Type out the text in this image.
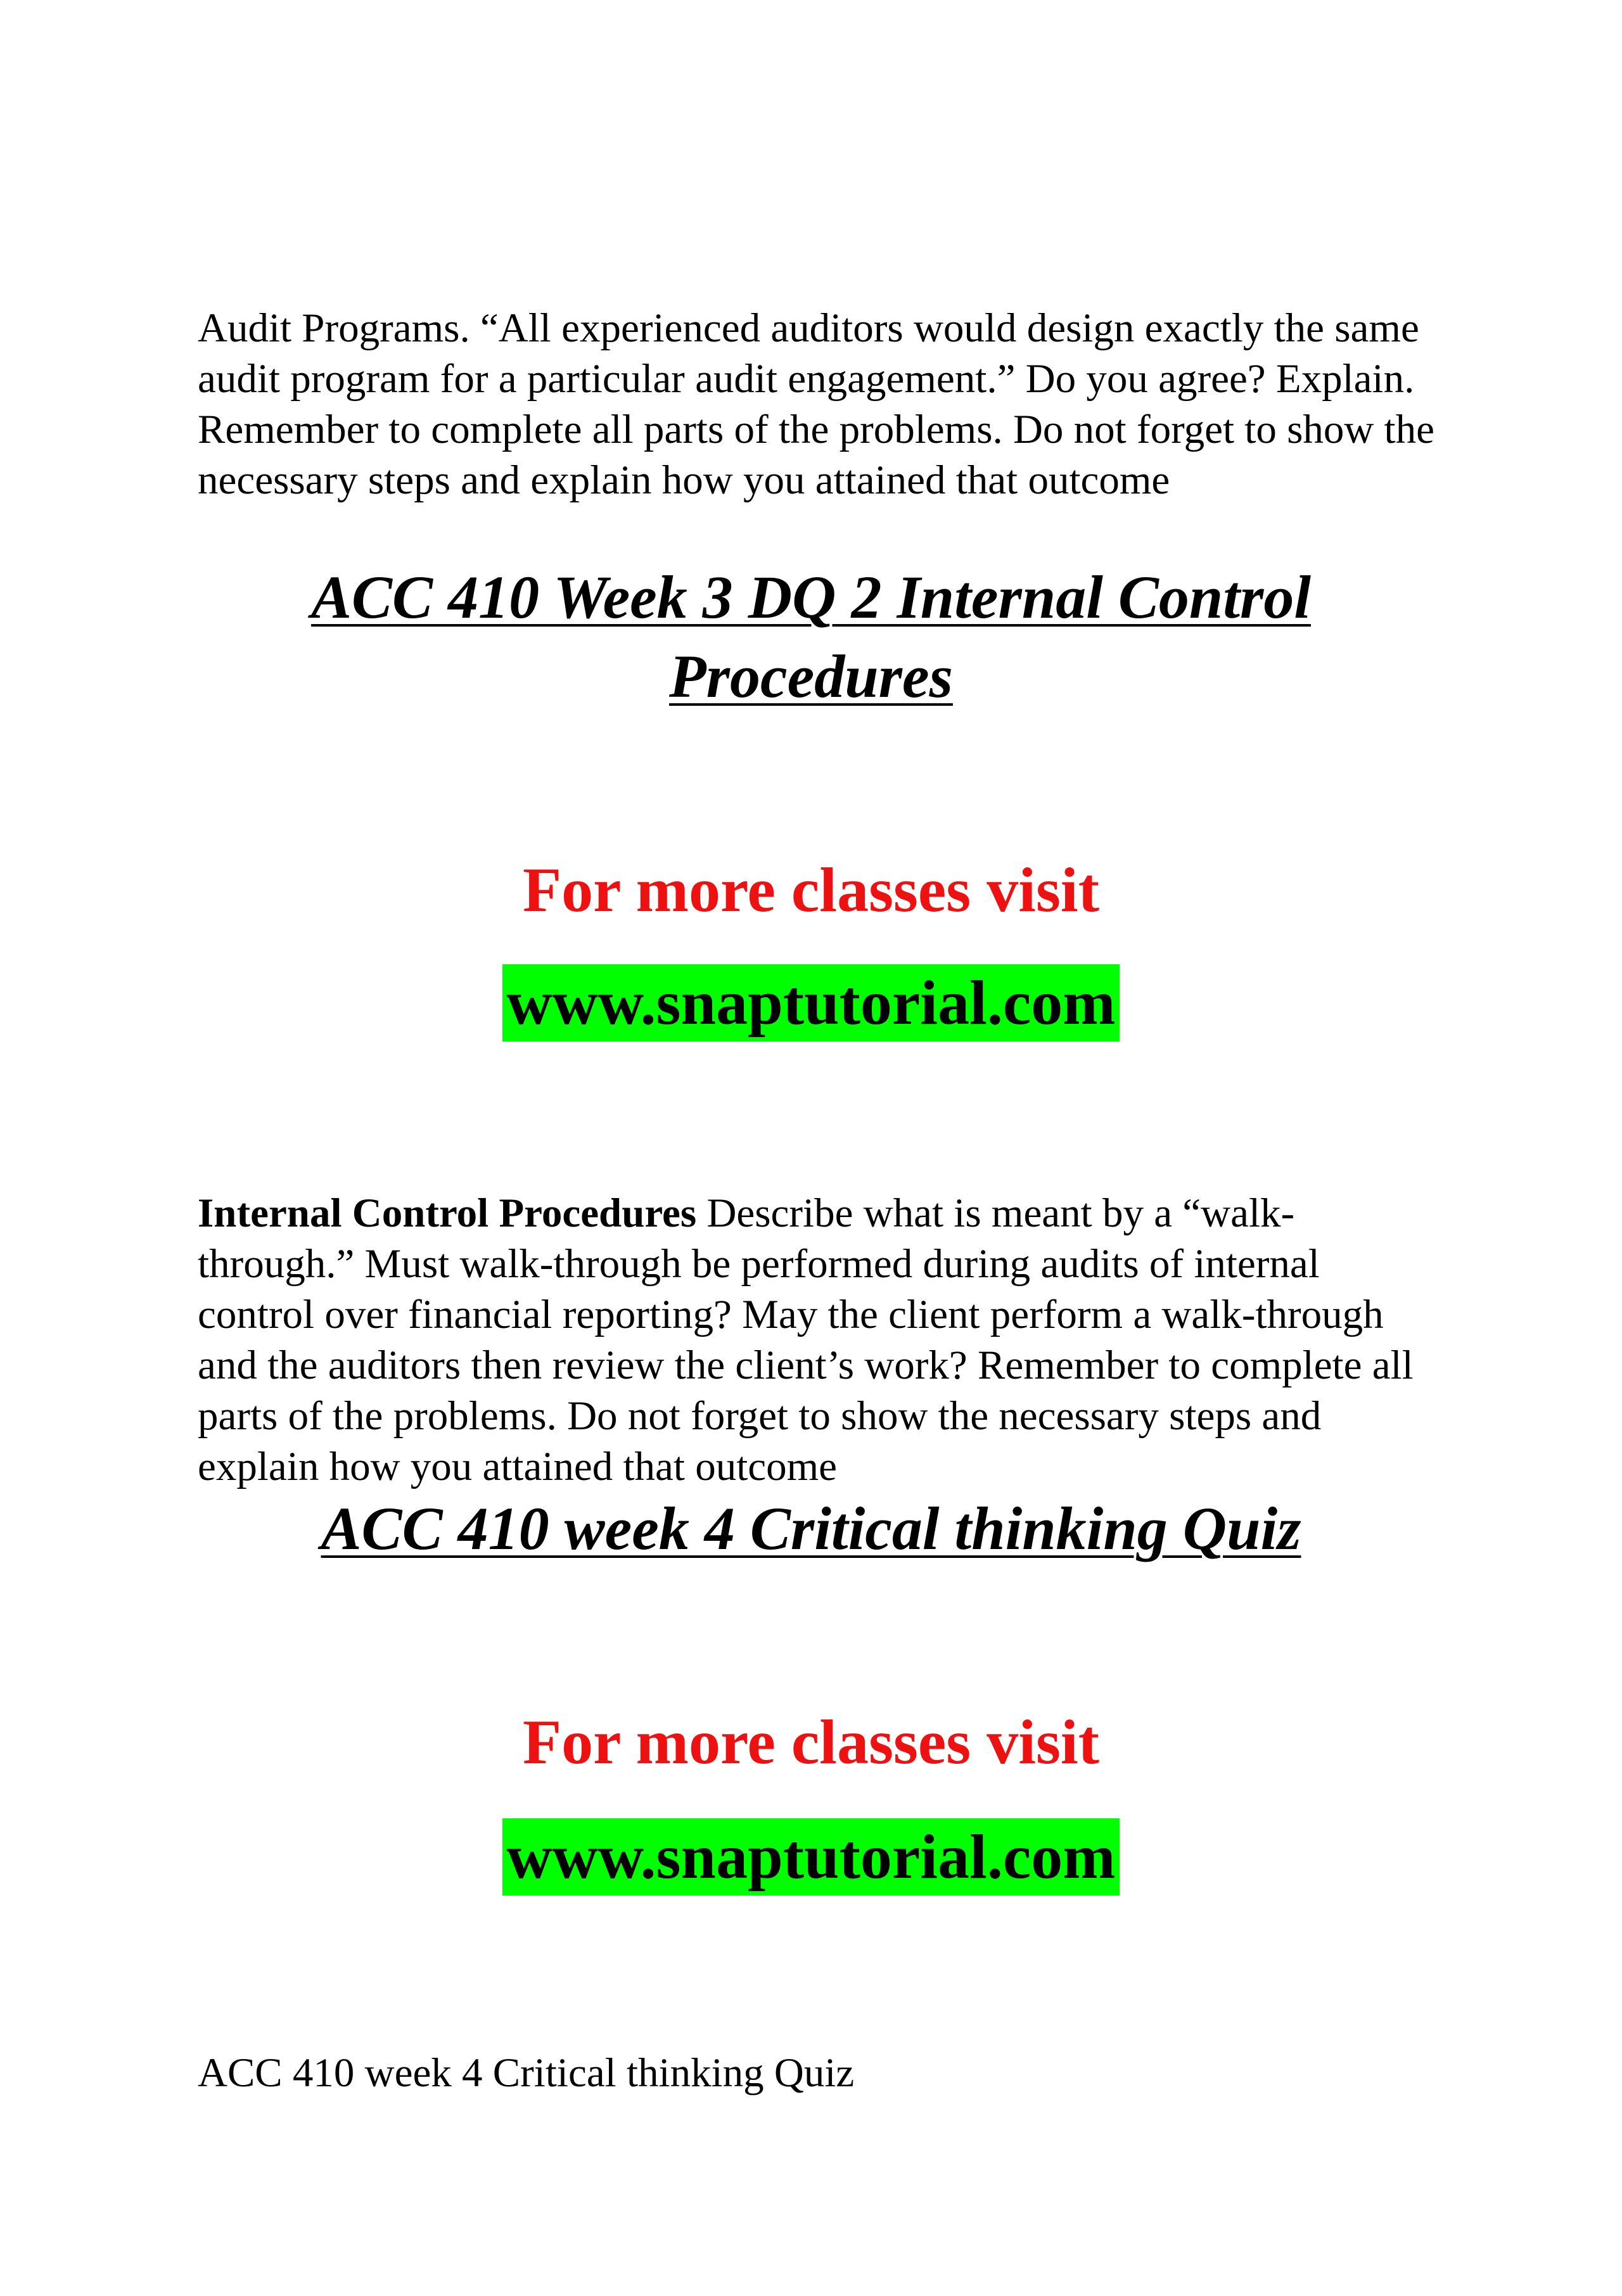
Audit Programs. “All experienced auditors would design exactly the same audit program for a particular audit engagement.” Do you agree? Explain. Remember to complete all parts of the problems. Do not forget to show the necessary steps and explain how you attained that outcome

ACC 410 Week 3 DQ 2 Internal Control
Procedures
For more classes visit
www.snaptutorial.com

Internal Control Procedures Describe what is meant by a “walk-through.” Must walk-through be performed during audits of internal control over financial reporting? May the client perform a walk-through and the auditors then review the client’s work? Remember to complete all parts of the problems. Do not forget to show the necessary steps and explain how you attained that outcome

ACC 410 week 4 Critical thinking Quiz
For more classes visit
www.snaptutorial.com

ACC 410 week 4 Critical thinking Quiz
